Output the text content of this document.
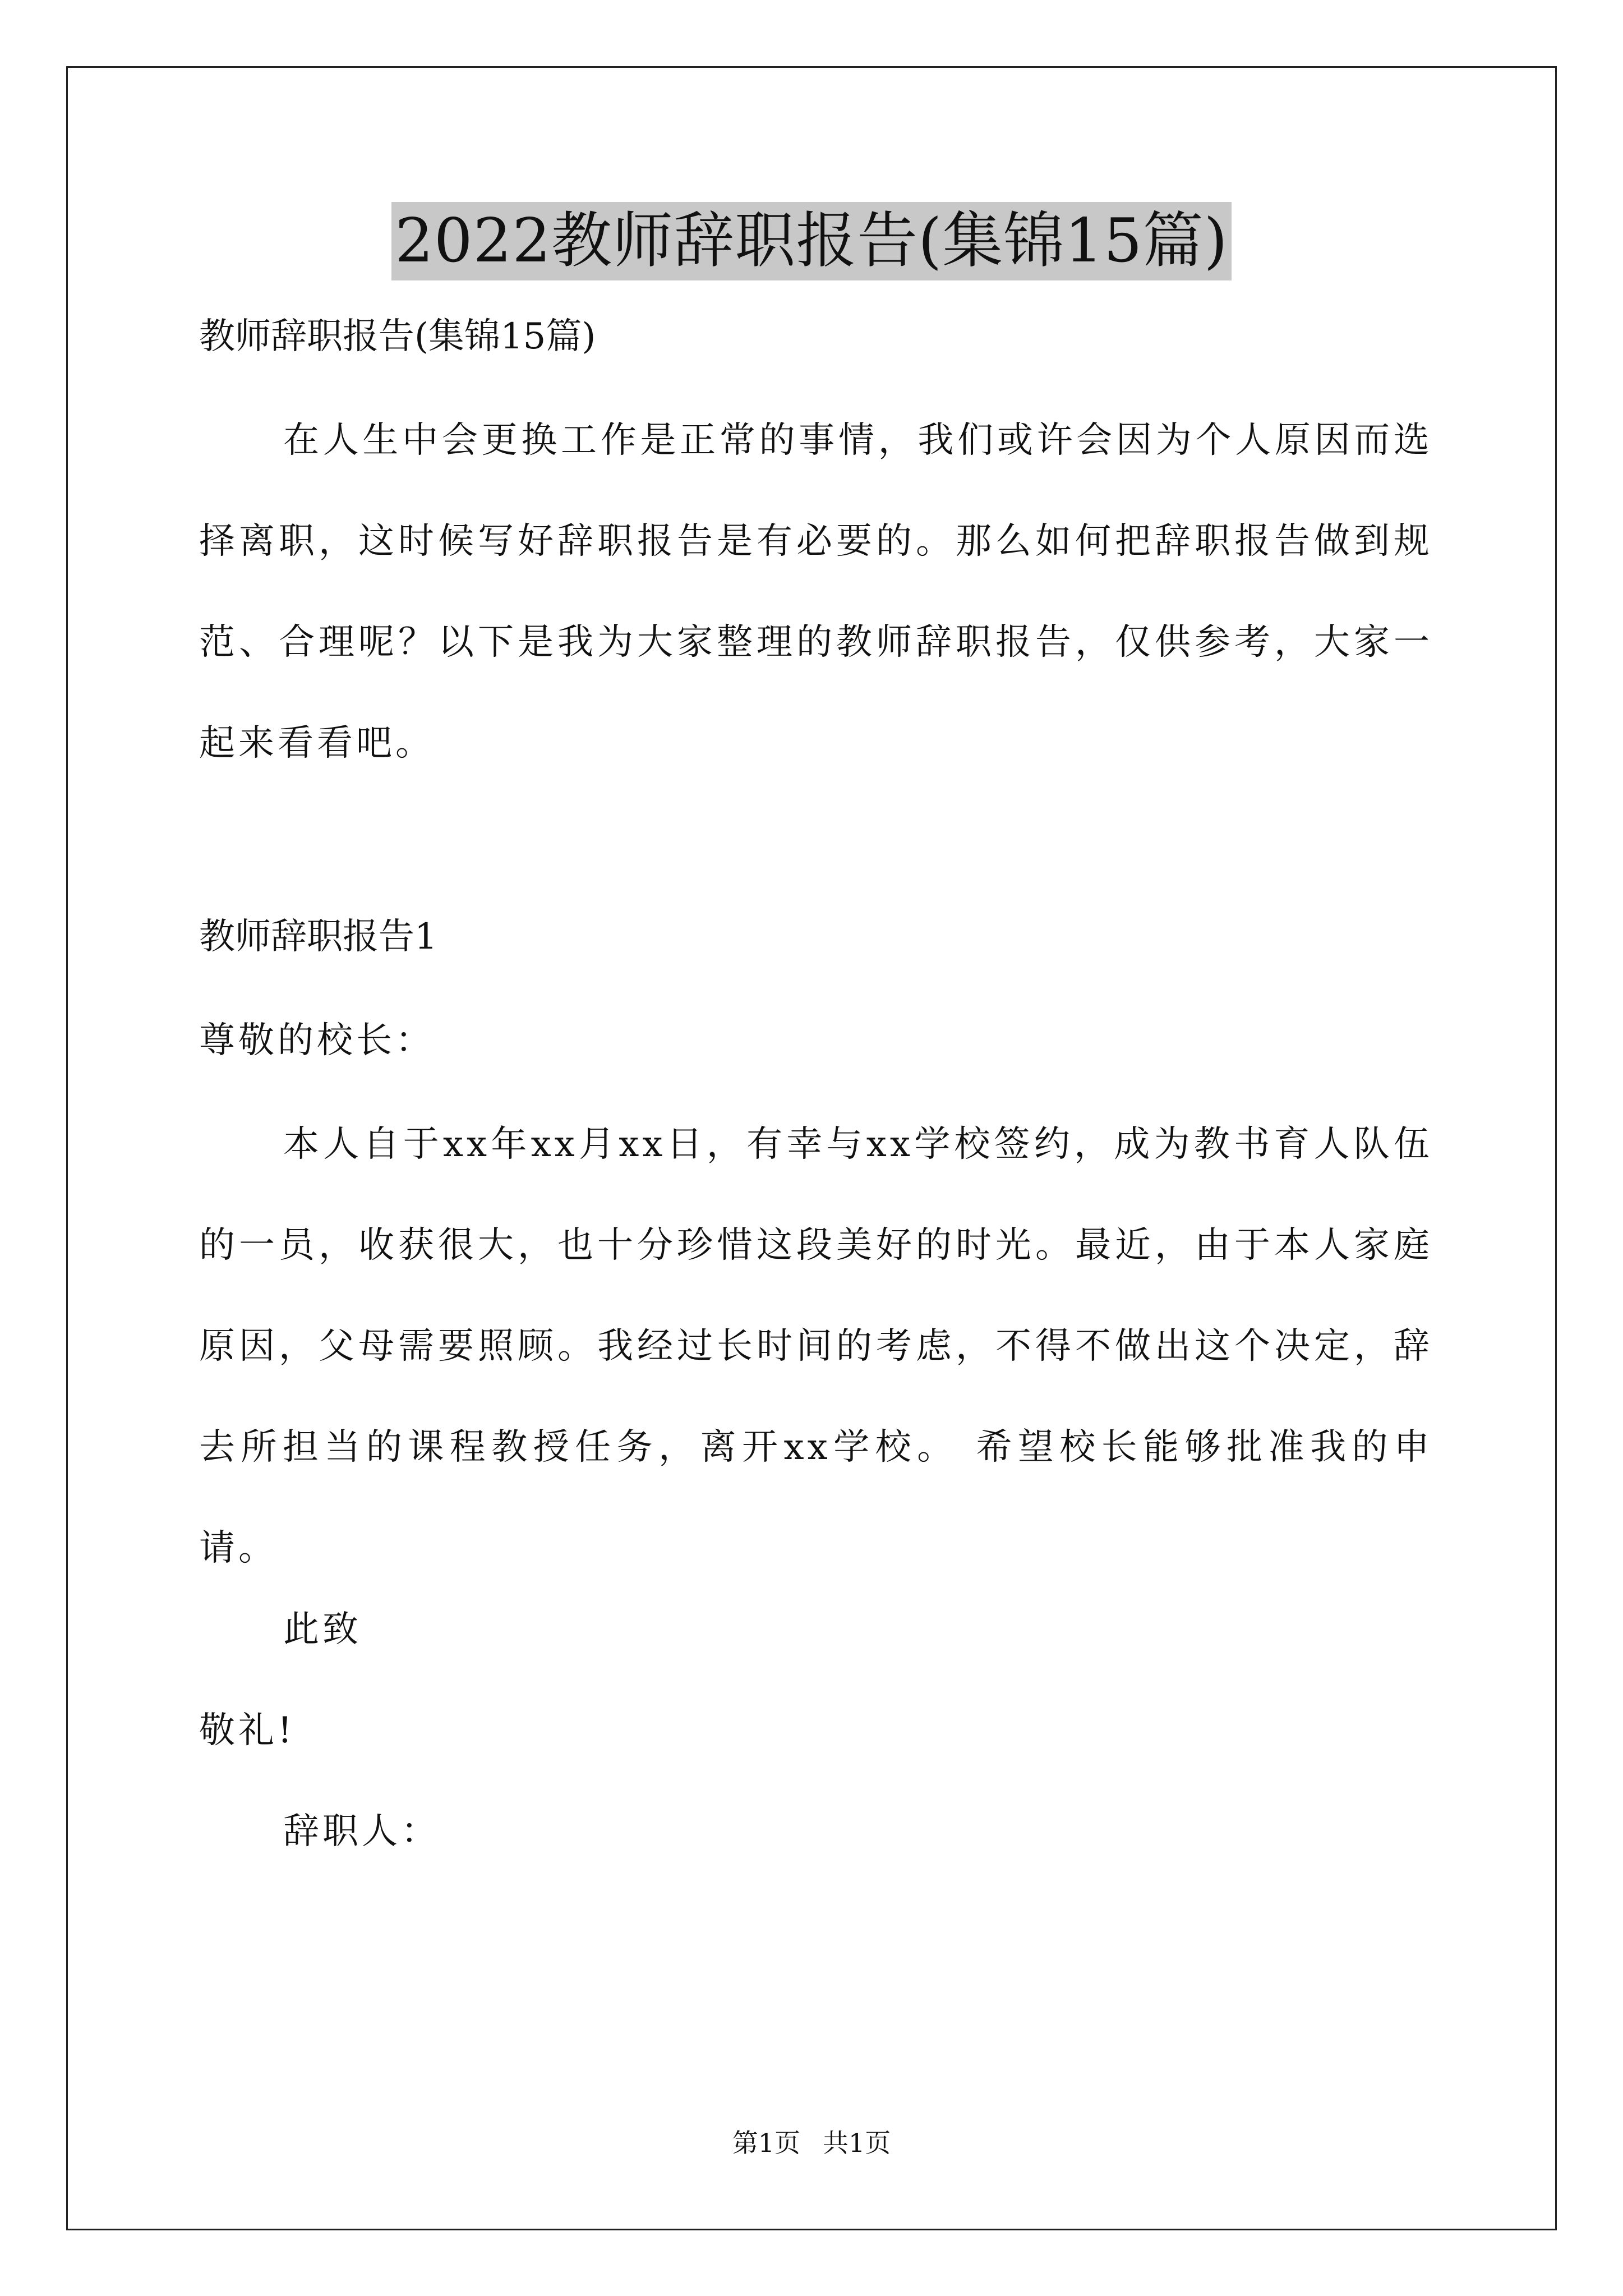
2022教师辞职报告(集锦15篇)

教师辞职报告(集锦15篇)

在人生中会更换工作是正常的事情，我们或许会因为个人原因而选择离职，这时候写好辞职报告是有必要的。那么如何把辞职报告做到规范、合理呢？以下是我为大家整理的教师辞职报告，仅供参考，大家一起来看看吧。

教师辞职报告1

尊敬的校长：

本人自于xx年xx月xx日，有幸与xx学校签约，成为教书育人队伍的一员，收获很大，也十分珍惜这段美好的时光。最近，由于本人家庭原因，父母需要照顾。我经过长时间的考虑，不得不做出这个决定，辞去所担当的课程教授任务，离开xx学校。 希望校长能够批准我的申请。

此致

敬礼!

辞职人：

第1页 共1页
